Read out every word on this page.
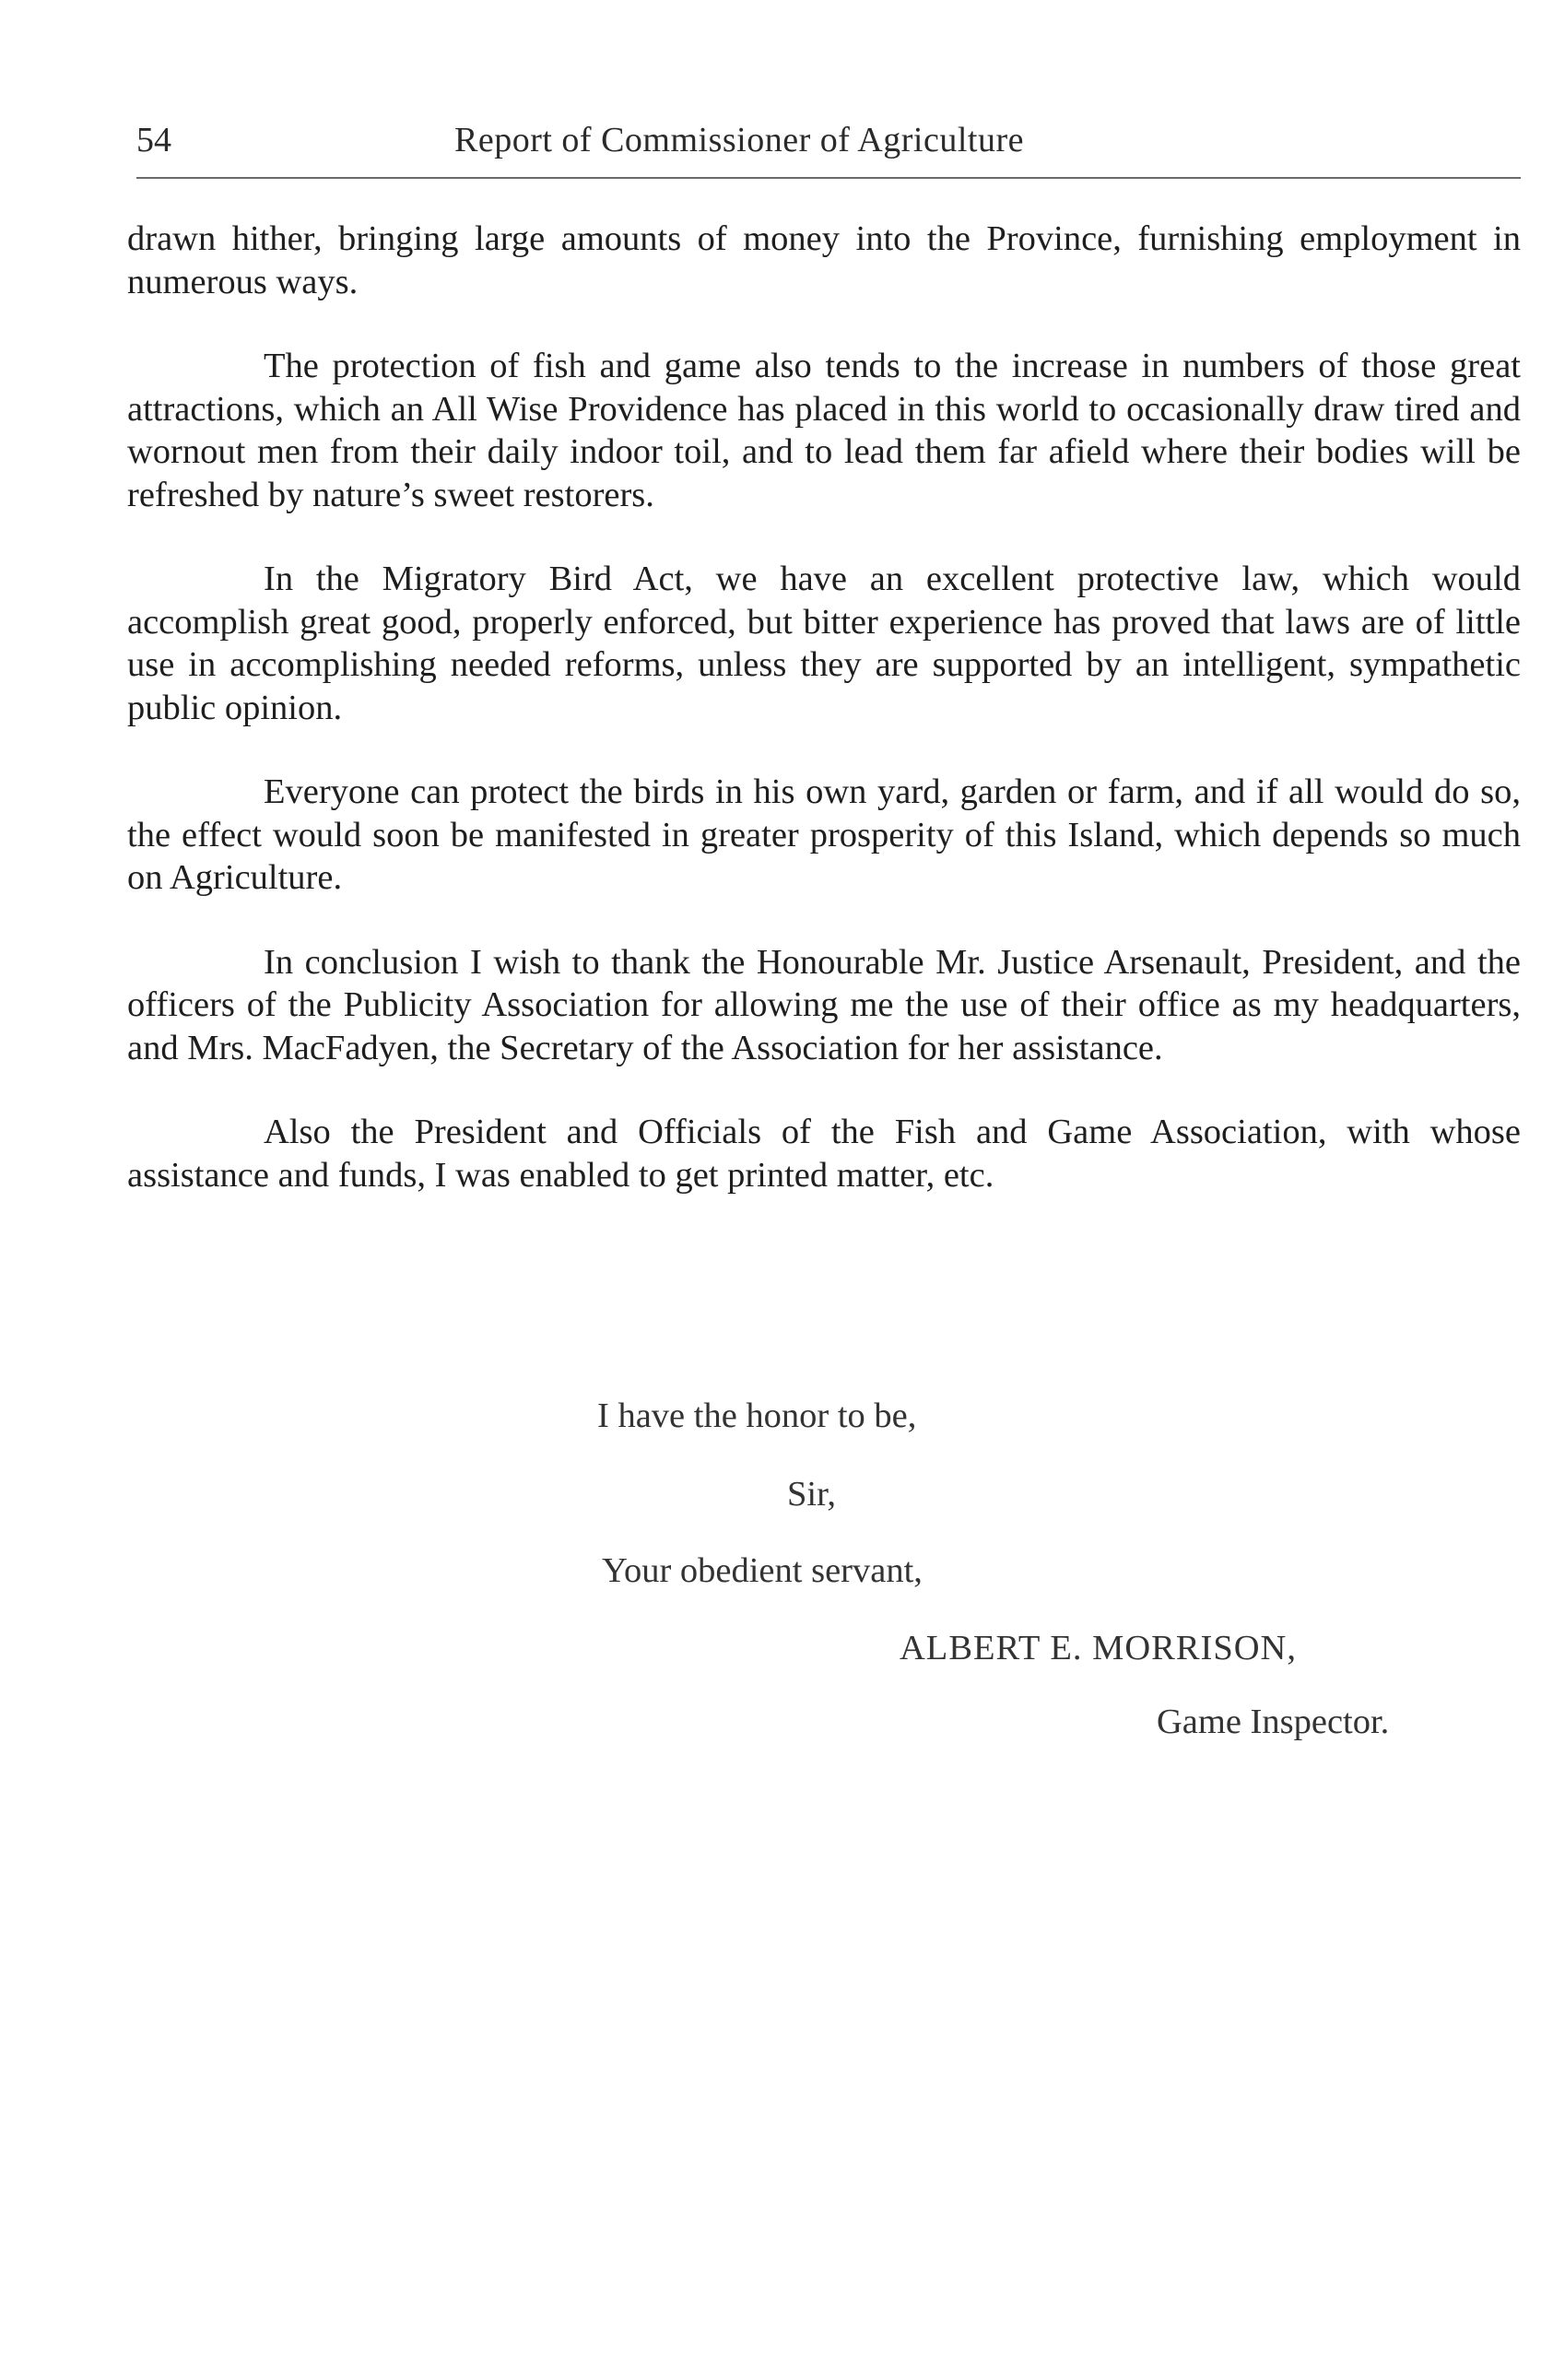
54	Report of Commissioner of Agriculture

drawn hither, bringing large amounts of money into the Province, furnishing employment in numerous ways.

The protection of fish and game also tends to the increase in numbers of those great attractions, which an All Wise Providence has placed in this world to occasionally draw tired and wornout men from their daily indoor toil, and to lead them far afield where their bodies will be refreshed by nature’s sweet restorers.

In the Migratory Bird Act, we have an excellent protective law, which would accomplish great good, properly enforced, but bitter experience has proved that laws are of little use in accomplishing needed reforms, unless they are supported by an intelligent, sympathetic public opinion.

Everyone can protect the birds in his own yard, garden or farm, and if all would do so, the effect would soon be manifested in greater prosperity of this Island, which depends so much on Agriculture.

In conclusion I wish to thank the Honourable Mr. Justice Arsenault, President, and the officers of the Publicity Association for allowing me the use of their office as my headquarters, and Mrs. MacFadyen, the Secretary of the Association for her assistance.

Also the President and Officials of the Fish and Game Association, with whose assistance and funds, I was enabled to get printed matter, etc.

I have the honor to be,
Sir,
Your obedient servant,
ALBERT E. MORRISON,
Game Inspector.
